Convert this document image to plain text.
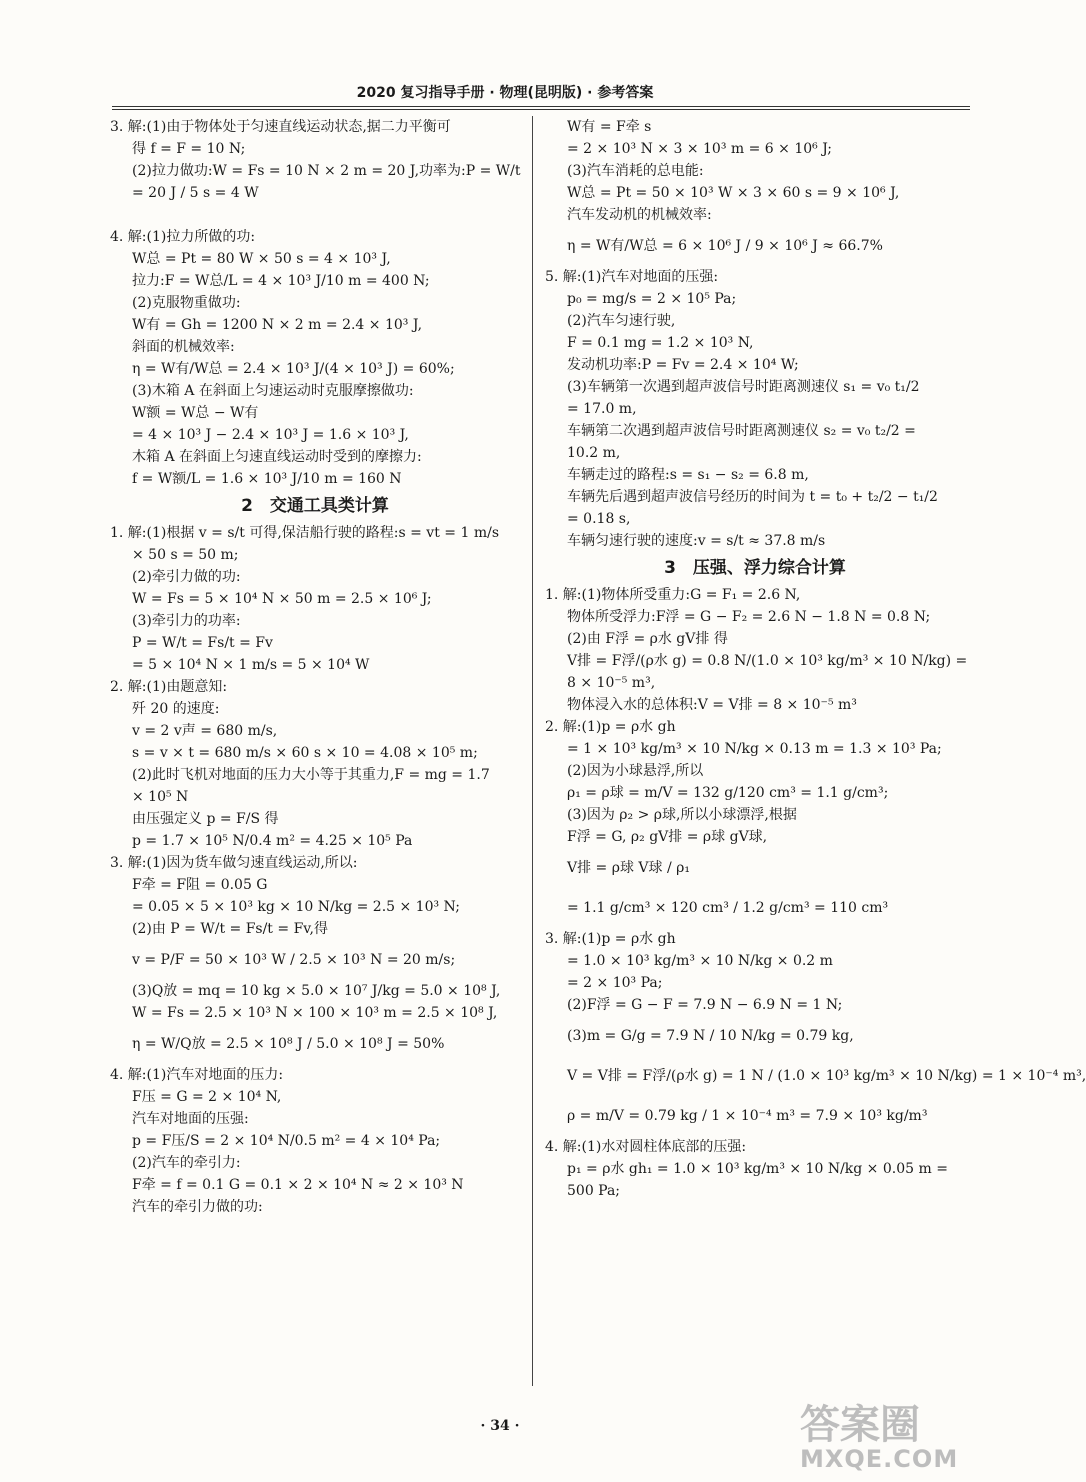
2020 复习指导手册 · 物理(昆明版) · 参考答案
3. 解:(1)由于物体处于匀速直线运动状态,据二力平衡可
得 f = F = 10 N;
(2)拉力做功:W = Fs = 10 N × 2 m = 20 J,功率为:P = W/t
= 20 J / 5 s = 4 W
4. 解:(1)拉力所做的功:
W总 = Pt = 80 W × 50 s = 4 × 10³ J,
拉力:F = W总/L = 4 × 10³ J/10 m = 400 N;
(2)克服物重做功:
W有 = Gh = 1200 N × 2 m = 2.4 × 10³ J,
斜面的机械效率:
η = W有/W总 = 2.4 × 10³ J/(4 × 10³ J) = 60%;
(3)木箱 A 在斜面上匀速运动时克服摩擦做功:
W额 = W总 − W有
= 4 × 10³ J − 2.4 × 10³ J = 1.6 × 10³ J,
木箱 A 在斜面上匀速直线运动时受到的摩擦力:
f = W额/L = 1.6 × 10³ J/10 m = 160 N
2　交通工具类计算
1. 解:(1)根据 v = s/t 可得,保洁船行驶的路程:s = vt = 1 m/s
× 50 s = 50 m;
(2)牵引力做的功:
W = Fs = 5 × 10⁴ N × 50 m = 2.5 × 10⁶ J;
(3)牵引力的功率:
P = W/t = Fs/t = Fv
= 5 × 10⁴ N × 1 m/s = 5 × 10⁴ W
2. 解:(1)由题意知:
歼 20 的速度:
v = 2 v声 = 680 m/s,
s = v × t = 680 m/s × 60 s × 10 = 4.08 × 10⁵ m;
(2)此时飞机对地面的压力大小等于其重力,F = mg = 1.7
× 10⁵ N
由压强定义 p = F/S 得
p = 1.7 × 10⁵ N/0.4 m² = 4.25 × 10⁵ Pa
3. 解:(1)因为货车做匀速直线运动,所以:
F牵 = F阻 = 0.05 G
= 0.05 × 5 × 10³ kg × 10 N/kg = 2.5 × 10³ N;
(2)由 P = W/t = Fs/t = Fv,得
v = P/F = 50 × 10³ W / 2.5 × 10³ N = 20 m/s;
(3)Q放 = mq = 10 kg × 5.0 × 10⁷ J/kg = 5.0 × 10⁸ J,
W = Fs = 2.5 × 10³ N × 100 × 10³ m = 2.5 × 10⁸ J,
η = W/Q放 = 2.5 × 10⁸ J / 5.0 × 10⁸ J = 50%
4. 解:(1)汽车对地面的压力:
F压 = G = 2 × 10⁴ N,
汽车对地面的压强:
p = F压/S = 2 × 10⁴ N/0.5 m² = 4 × 10⁴ Pa;
(2)汽车的牵引力:
F牵 = f = 0.1 G = 0.1 × 2 × 10⁴ N ≈ 2 × 10³ N
汽车的牵引力做的功:
W有 = F牵 s
= 2 × 10³ N × 3 × 10³ m = 6 × 10⁶ J;
(3)汽车消耗的总电能:
W总 = Pt = 50 × 10³ W × 3 × 60 s = 9 × 10⁶ J,
汽车发动机的机械效率:
η = W有/W总 = 6 × 10⁶ J / 9 × 10⁶ J ≈ 66.7%
5. 解:(1)汽车对地面的压强:
p₀ = mg/s = 2 × 10⁵ Pa;
(2)汽车匀速行驶,
F = 0.1 mg = 1.2 × 10³ N,
发动机功率:P = Fv = 2.4 × 10⁴ W;
(3)车辆第一次遇到超声波信号时距离测速仪 s₁ = v₀ t₁/2
= 17.0 m,
车辆第二次遇到超声波信号时距离测速仪 s₂ = v₀ t₂/2 =
10.2 m,
车辆走过的路程:s = s₁ − s₂ = 6.8 m,
车辆先后遇到超声波信号经历的时间为 t = t₀ + t₂/2 − t₁/2
= 0.18 s,
车辆匀速行驶的速度:v = s/t ≈ 37.8 m/s
3　压强、浮力综合计算
1. 解:(1)物体所受重力:G = F₁ = 2.6 N,
物体所受浮力:F浮 = G − F₂ = 2.6 N − 1.8 N = 0.8 N;
(2)由 F浮 = ρ水 gV排 得
V排 = F浮/(ρ水 g) = 0.8 N/(1.0 × 10³ kg/m³ × 10 N/kg) =
8 × 10⁻⁵ m³,
物体浸入水的总体积:V = V排 = 8 × 10⁻⁵ m³
2. 解:(1)p = ρ水 gh
= 1 × 10³ kg/m³ × 10 N/kg × 0.13 m = 1.3 × 10³ Pa;
(2)因为小球悬浮,所以
ρ₁ = ρ球 = m/V = 132 g/120 cm³ = 1.1 g/cm³;
(3)因为 ρ₂ > ρ球,所以小球漂浮,根据
F浮 = G, ρ₂ gV排 = ρ球 gV球,
V排 = ρ球 V球 / ρ₁
= 1.1 g/cm³ × 120 cm³ / 1.2 g/cm³ = 110 cm³
3. 解:(1)p = ρ水 gh
= 1.0 × 10³ kg/m³ × 10 N/kg × 0.2 m
= 2 × 10³ Pa;
(2)F浮 = G − F = 7.9 N − 6.9 N = 1 N;
(3)m = G/g = 7.9 N / 10 N/kg = 0.79 kg,
V = V排 = F浮/(ρ水 g) = 1 N / (1.0 × 10³ kg/m³ × 10 N/kg) = 1 × 10⁻⁴ m³,
ρ = m/V = 0.79 kg / 1 × 10⁻⁴ m³ = 7.9 × 10³ kg/m³
4. 解:(1)水对圆柱体底部的压强:
p₁ = ρ水 gh₁ = 1.0 × 10³ kg/m³ × 10 N/kg × 0.05 m =
500 Pa;
· 34 ·	答案圈
MXQE.COM
